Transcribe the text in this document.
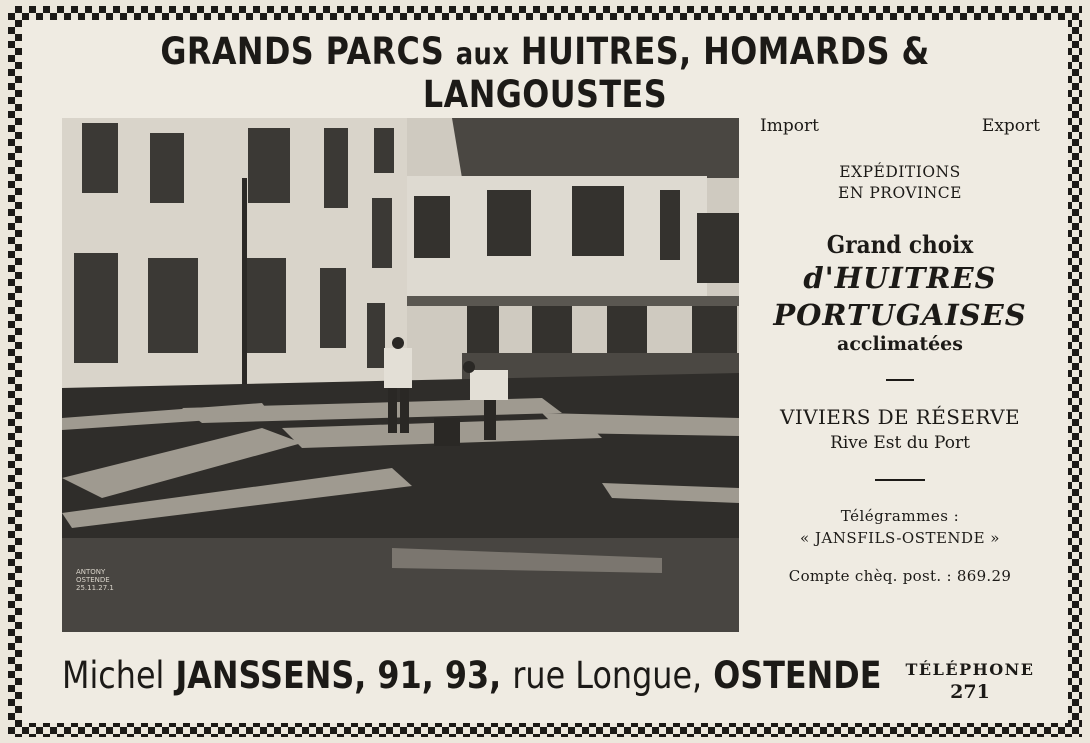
GRANDS PARCS aux HUITRES, HOMARDS & LANGOUSTES
ANTONY
OSTENDE
25.11.27.1
Import	Export
EXPÉDITIONS
EN PROVINCE
Grand choix
d'HUITRES
PORTUGAISES
acclimatées
VIVIERS DE RÉSERVE
Rive Est du Port
Télégrammes :
« JANSFILS-OSTENDE »
Compte chèq. post. : 869.29
Michel JANSSENS, 91, 93, rue Longue, OSTENDE	TÉLÉPHONE
271
